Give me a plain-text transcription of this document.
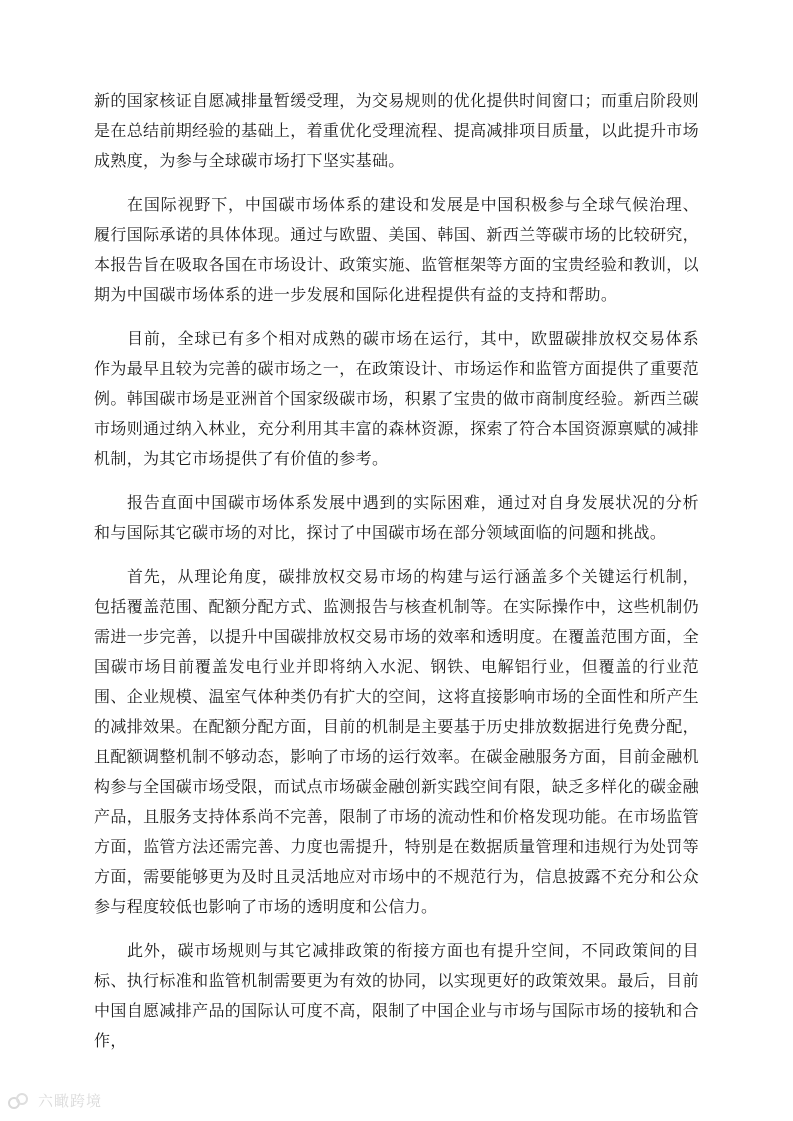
新的国家核证自愿减排量暂缓受理，为交易规则的优化提供时间窗口；而重启阶段则是在总结前期经验的基础上，着重优化受理流程、提高减排项目质量，以此提升市场成熟度，为参与全球碳市场打下坚实基础。

在国际视野下，中国碳市场体系的建设和发展是中国积极参与全球气候治理、履行国际承诺的具体体现。通过与欧盟、美国、韩国、新西兰等碳市场的比较研究，本报告旨在吸取各国在市场设计、政策实施、监管框架等方面的宝贵经验和教训，以期为中国碳市场体系的进一步发展和国际化进程提供有益的支持和帮助。

目前，全球已有多个相对成熟的碳市场在运行，其中，欧盟碳排放权交易体系作为最早且较为完善的碳市场之一，在政策设计、市场运作和监管方面提供了重要范例。韩国碳市场是亚洲首个国家级碳市场，积累了宝贵的做市商制度经验。新西兰碳市场则通过纳入林业，充分利用其丰富的森林资源，探索了符合本国资源禀赋的减排机制，为其它市场提供了有价值的参考。

报告直面中国碳市场体系发展中遇到的实际困难，通过对自身发展状况的分析和与国际其它碳市场的对比，探讨了中国碳市场在部分领域面临的问题和挑战。

首先，从理论角度，碳排放权交易市场的构建与运行涵盖多个关键运行机制，包括覆盖范围、配额分配方式、监测报告与核查机制等。在实际操作中，这些机制仍需进一步完善，以提升中国碳排放权交易市场的效率和透明度。在覆盖范围方面，全国碳市场目前覆盖发电行业并即将纳入水泥、钢铁、电解铝行业，但覆盖的行业范围、企业规模、温室气体种类仍有扩大的空间，这将直接影响市场的全面性和所产生的减排效果。在配额分配方面，目前的机制是主要基于历史排放数据进行免费分配，且配额调整机制不够动态，影响了市场的运行效率。在碳金融服务方面，目前金融机构参与全国碳市场受限，而试点市场碳金融创新实践空间有限，缺乏多样化的碳金融产品，且服务支持体系尚不完善，限制了市场的流动性和价格发现功能。在市场监管方面，监管方法还需完善、力度也需提升，特别是在数据质量管理和违规行为处罚等方面，需要能够更为及时且灵活地应对市场中的不规范行为，信息披露不充分和公众参与程度较低也影响了市场的透明度和公信力。

此外，碳市场规则与其它减排政策的衔接方面也有提升空间，不同政策间的目标、执行标准和监管机制需要更为有效的协同，以实现更好的政策效果。最后，目前中国自愿减排产品的国际认可度不高，限制了中国企业与市场与国际市场的接轨和合作，

六瞰跨境
